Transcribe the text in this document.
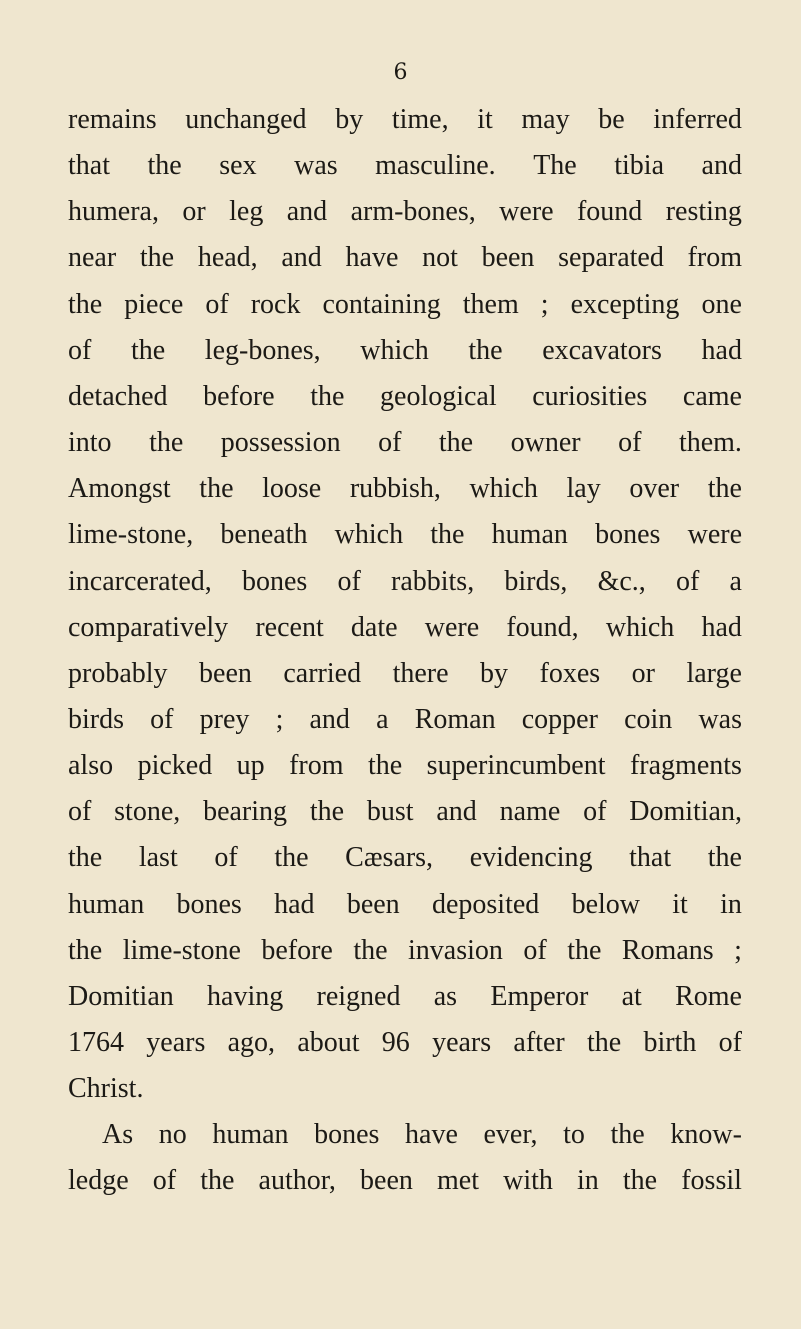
6
remains unchanged by time, it may be inferred
that the sex was masculine. The tibia and
humera, or leg and arm-bones, were found resting
near the head, and have not been separated from
the piece of rock containing them ; excepting one
of the leg-bones, which the excavators had
detached before the geological curiosities came
into the possession of the owner of them.
Amongst the loose rubbish, which lay over the
lime-stone, beneath which the human bones were
incarcerated, bones of rabbits, birds, &c., of a
comparatively recent date were found, which had
probably been carried there by foxes or large
birds of prey ; and a Roman copper coin was
also picked up from the superincumbent fragments
of stone, bearing the bust and name of Domitian,
the last of the Cæsars, evidencing that the
human bones had been deposited below it in
the lime-stone before the invasion of the Romans ;
Domitian having reigned as Emperor at Rome
1764 years ago, about 96 years after the birth of
Christ.
As no human bones have ever, to the know-
ledge of the author, been met with in the fossil
